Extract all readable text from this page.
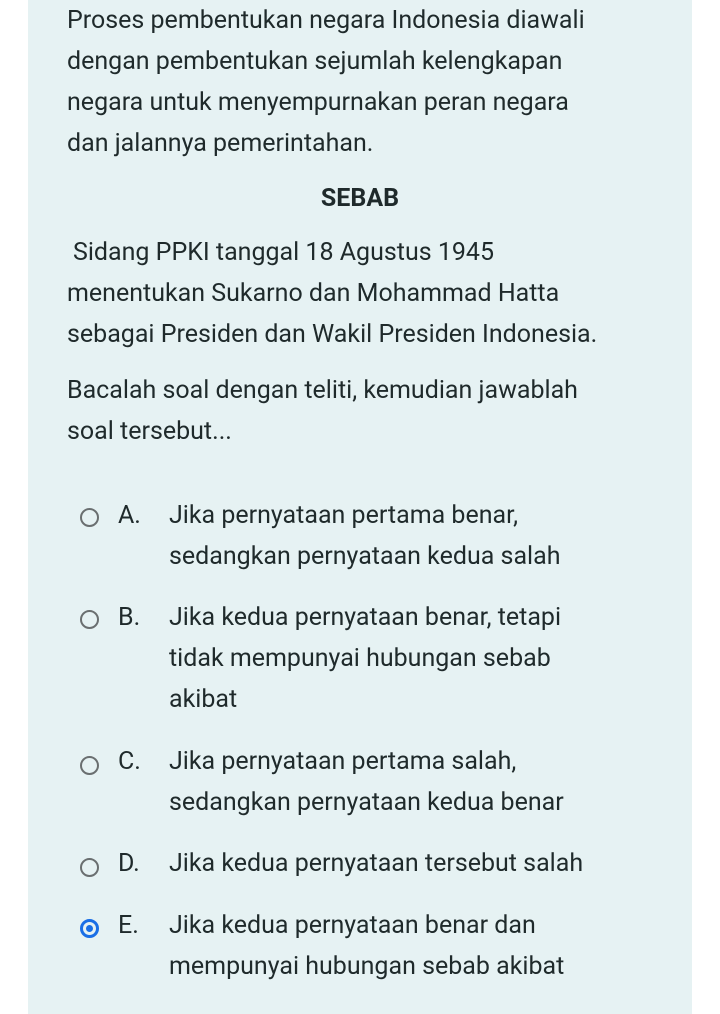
Proses pembentukan negara Indonesia diawali
dengan pembentukan sejumlah kelengkapan
negara untuk menyempurnakan peran negara
dan jalannya pemerintahan.
SEBAB
Sidang PPKI tanggal 18 Agustus 1945
menentukan Sukarno dan Mohammad Hatta
sebagai Presiden dan Wakil Presiden Indonesia.
Bacalah soal dengan teliti, kemudian jawablah
soal tersebut...
A. Jika pernyataan pertama benar,
sedangkan pernyataan kedua salah
B. Jika kedua pernyataan benar, tetapi
tidak mempunyai hubungan sebab
akibat
C. Jika pernyataan pertama salah,
sedangkan pernyataan kedua benar
D. Jika kedua pernyataan tersebut salah
E. Jika kedua pernyataan benar dan
mempunyai hubungan sebab akibat
